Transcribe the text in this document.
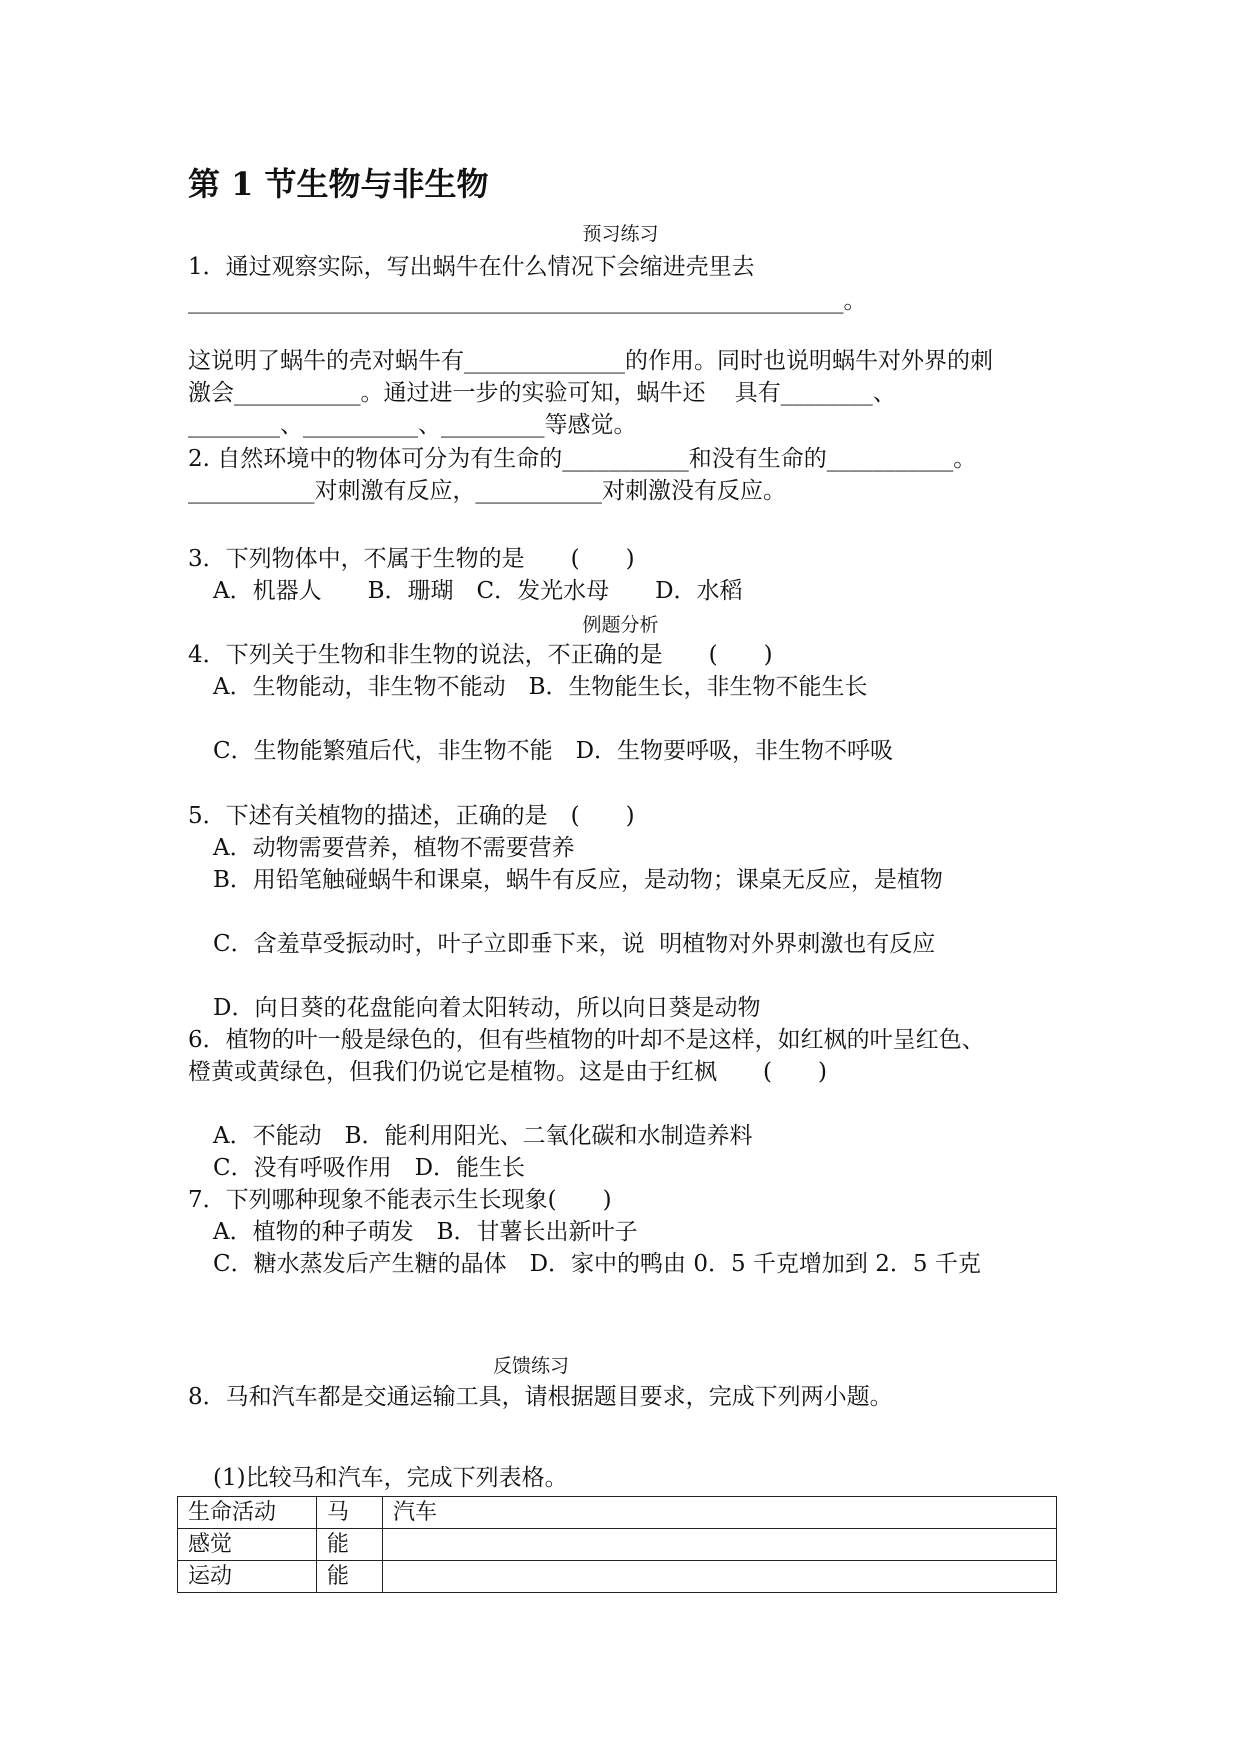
第 1 节生物与非生物

预习练习

1．通过观察实际，写出蜗牛在什么情况下会缩进壳里去

_________________________________________________________。

这说明了蜗牛的壳对蜗牛有______________的作用。同时也说明蜗牛对外界的刺

激会___________。通过进一步的实验可知，蜗牛还    具有________、

________、__________、_________等感觉。

2. 自然环境中的物体可分为有生命的___________和没有生命的___________。

___________对刺激有反应，___________对刺激没有反应。

3．下列物体中，不属于生物的是　　(　　)

A．机器人　　B．珊瑚　C．发光水母　　D．水稻

例题分析

4．下列关于生物和非生物的说法，不正确的是　　(　　)

A．生物能动，非生物不能动　B．生物能生长，非生物不能生长

C．生物能繁殖后代，非生物不能　D．生物要呼吸，非生物不呼吸

5．下述有关植物的描述，正确的是　(　　)

A．动物需要营养，植物不需要营养

B．用铅笔触碰蜗牛和课桌，蜗牛有反应，是动物；课桌无反应，是植物

C．含羞草受振动时，叶子立即垂下来，说  明植物对外界刺激也有反应

D．向日葵的花盘能向着太阳转动，所以向日葵是动物

6．植物的叶一般是绿色的，但有些植物的叶却不是这样，如红枫的叶呈红色、

橙黄或黄绿色，但我们仍说它是植物。这是由于红枫　　(　　)

A．不能动　B．能利用阳光、二氧化碳和水制造养料

C．没有呼吸作用　D．能生长

7．下列哪种现象不能表示生长现象(　　)

A．植物的种子萌发　B．甘薯长出新叶子

C．糖水蒸发后产生糖的晶体　D．家中的鸭由 0．5 千克增加到 2．5 千克

反馈练习

8．马和汽车都是交通运输工具，请根据题目要求，完成下列两小题。

(1)比较马和汽车，完成下列表格。

生命活动	马	汽车
感觉	能	
运动	能	
